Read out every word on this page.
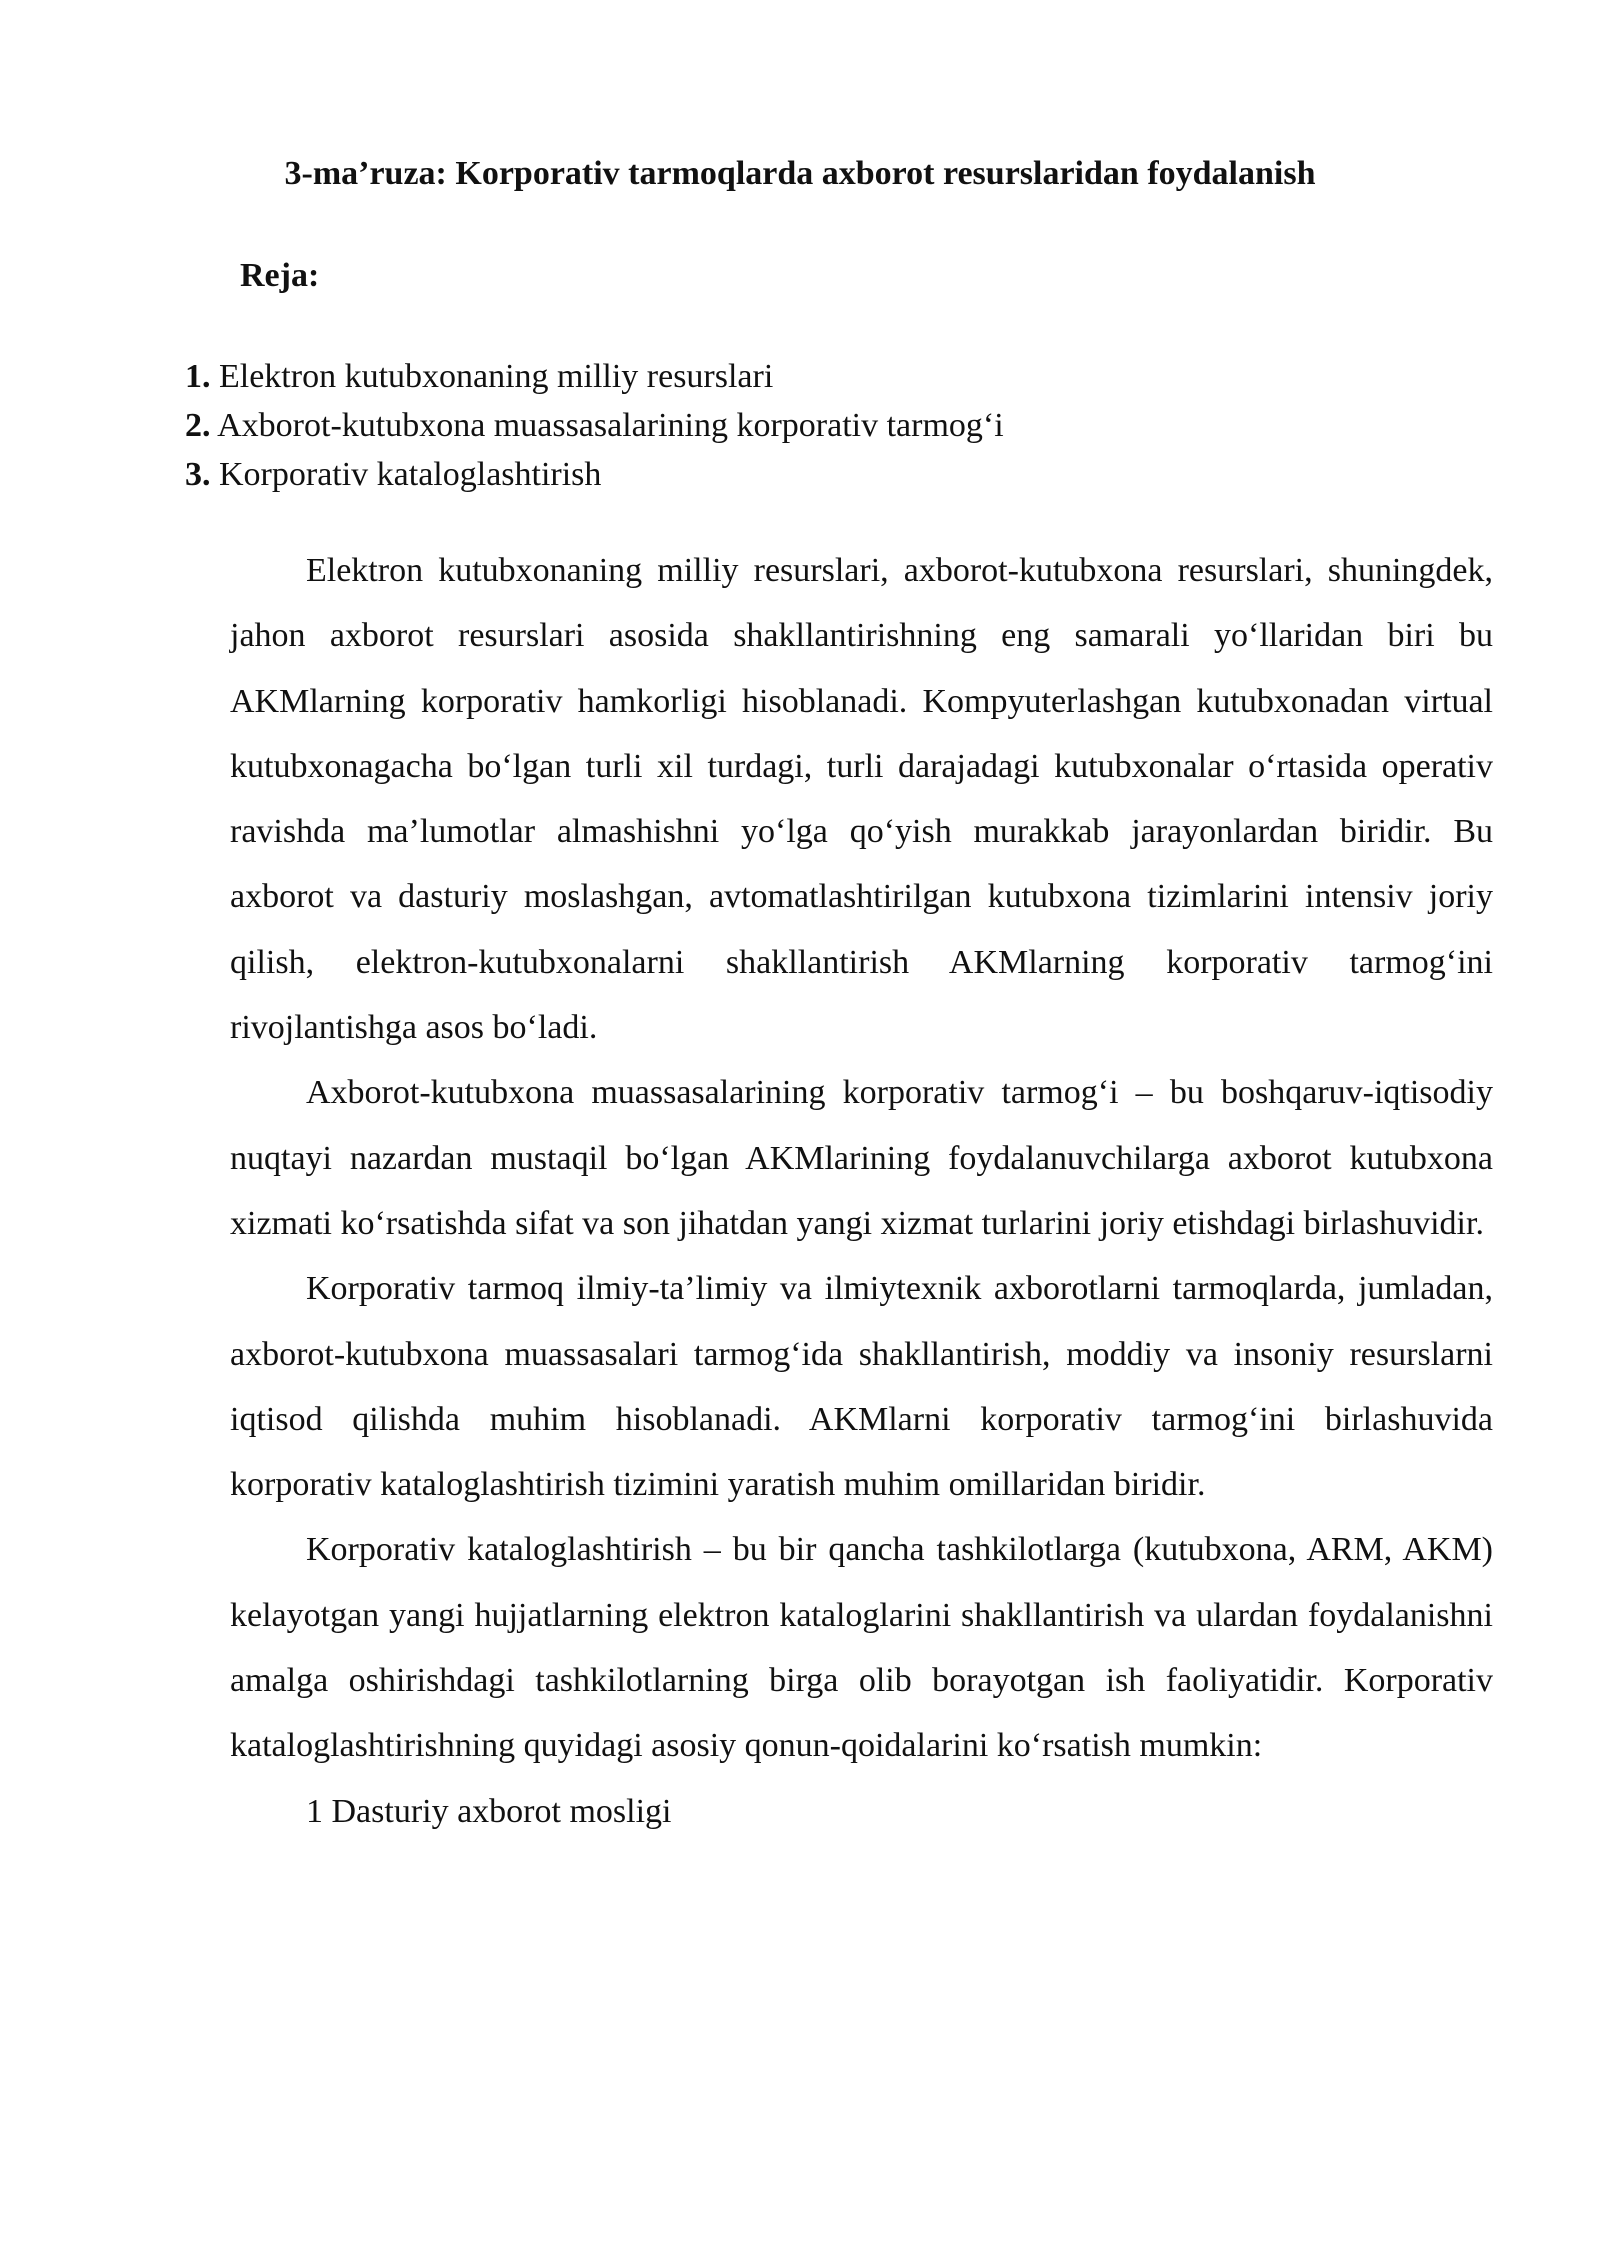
3-ma’ruza: Korporativ tarmoqlarda axborot resurslaridan foydalanish
Reja:
1. Elektron kutubxonaning milliy resurslari
2. Axborot-kutubxona muassasalarining korporativ tarmog‘i
3. Korporativ kataloglashtirish

Elektron kutubxonaning milliy resurslari, axborot-kutubxona resurslari, shuningdek, jahon axborot resurslari asosida shakllantirishning eng samarali yo‘llaridan biri bu AKMlarning korporativ hamkorligi hisoblanadi. Kompyuterlashgan kutubxonadan virtual kutubxonagacha bo‘lgan turli xil turdagi, turli darajadagi kutubxonalar o‘rtasida operativ ravishda ma’lumotlar almashishni yo‘lga qo‘yish murakkab jarayonlardan biridir. Bu axborot va dasturiy moslashgan, avtomatlashtirilgan kutubxona tizimlarini intensiv joriy qilish, elektron-kutubxonalarni shakllantirish AKMlarning korporativ tarmog‘ini rivojlantishga asos bo‘ladi.

Axborot-kutubxona muassasalarining korporativ tarmog‘i – bu boshqaruv-iqtisodiy nuqtayi nazardan mustaqil bo‘lgan AKMlarining foydalanuvchilarga axborot kutubxona xizmati ko‘rsatishda sifat va son jihatdan yangi xizmat turlarini joriy etishdagi birlashuvidir.

Korporativ tarmoq ilmiy-ta’limiy va ilmiytexnik axborotlarni tarmoqlarda, jumladan, axborot-kutubxona muassasalari tarmog‘ida shakllantirish, moddiy va insoniy resurslarni iqtisod qilishda muhim hisoblanadi. AKMlarni korporativ tarmog‘ini birlashuvida korporativ kataloglashtirish tizimini yaratish muhim omillaridan biridir.

Korporativ kataloglashtirish – bu bir qancha tashkilotlarga (kutubxona, ARM, AKM) kelayotgan yangi hujjatlarning elektron kataloglarini shakllantirish va ulardan foydalanishni amalga oshirishdagi tashkilotlarning birga olib borayotgan ish faoliyatidir. Korporativ kataloglashtirishning quyidagi asosiy qonun-qoidalarini ko‘rsatish mumkin:

1 Dasturiy axborot mosligi
